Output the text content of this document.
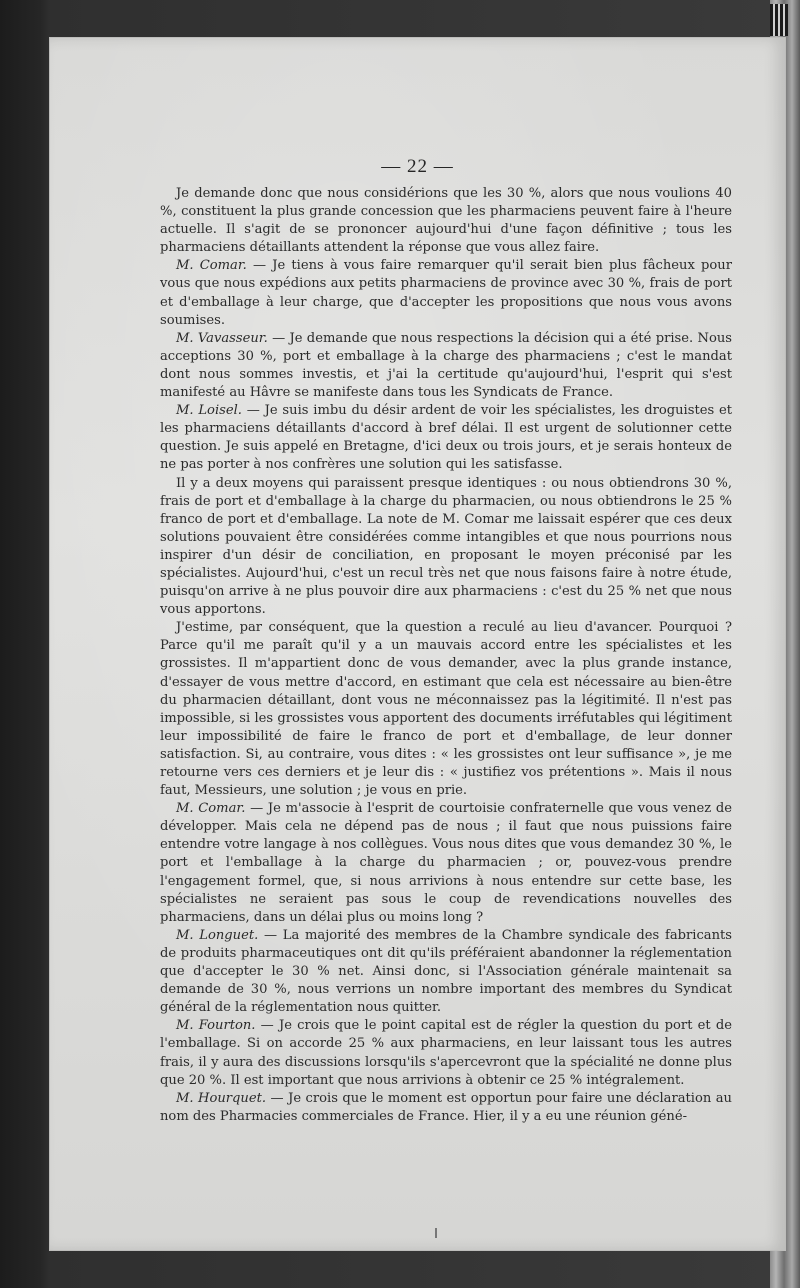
— 22 —

Je demande donc que nous considérions que les 30 %, alors que nous voulions 40 %, constituent la plus grande concession que les pharmaciens peuvent faire à l'heure actuelle. Il s'agit de se prononcer aujourd'hui d'une façon définitive ; tous les pharmaciens détaillants attendent la réponse que vous allez faire.

M. Comar. — Je tiens à vous faire remarquer qu'il serait bien plus fâcheux pour vous que nous expédions aux petits pharmaciens de province avec 30 %, frais de port et d'emballage à leur charge, que d'accepter les propositions que nous vous avons soumises.

M. Vavasseur. — Je demande que nous respections la décision qui a été prise. Nous acceptions 30 %, port et emballage à la charge des pharmaciens ; c'est le mandat dont nous sommes investis, et j'ai la certitude qu'aujourd'hui, l'esprit qui s'est manifesté au Hâvre se manifeste dans tous les Syndicats de France.

M. Loisel. — Je suis imbu du désir ardent de voir les spécialistes, les droguistes et les pharmaciens détaillants d'accord à bref délai. Il est urgent de solutionner cette question. Je suis appelé en Bretagne, d'ici deux ou trois jours, et je serais honteux de ne pas porter à nos confrères une solution qui les satisfasse.

Il y a deux moyens qui paraissent presque identiques : ou nous obtiendrons 30 %, frais de port et d'emballage à la charge du pharmacien, ou nous obtiendrons le 25 % franco de port et d'emballage. La note de M. Comar me laissait espérer que ces deux solutions pouvaient être considérées comme intangibles et que nous pourrions nous inspirer d'un désir de conciliation, en proposant le moyen préconisé par les spécialistes. Aujourd'hui, c'est un recul très net que nous faisons faire à notre étude, puisqu'on arrive à ne plus pouvoir dire aux pharmaciens : c'est du 25 % net que nous vous apportons.

J'estime, par conséquent, que la question a reculé au lieu d'avancer. Pourquoi ? Parce qu'il me paraît qu'il y a un mauvais accord entre les spécialistes et les grossistes. Il m'appartient donc de vous demander, avec la plus grande instance, d'essayer de vous mettre d'accord, en estimant que cela est nécessaire au bien-être du pharmacien détaillant, dont vous ne méconnaissez pas la légitimité. Il n'est pas impossible, si les grossistes vous apportent des documents irréfutables qui légitiment leur impossibilité de faire le franco de port et d'emballage, de leur donner satisfaction. Si, au contraire, vous dites : « les grossistes ont leur suffisance », je me retourne vers ces derniers et je leur dis : « justifiez vos prétentions ». Mais il nous faut, Messieurs, une solution ; je vous en prie.

M. Comar. — Je m'associe à l'esprit de courtoisie confraternelle que vous venez de développer. Mais cela ne dépend pas de nous ; il faut que nous puissions faire entendre votre langage à nos collègues. Vous nous dites que vous demandez 30 %, le port et l'emballage à la charge du pharmacien ; or, pouvez-vous prendre l'engagement formel, que, si nous arrivions à nous entendre sur cette base, les spécialistes ne seraient pas sous le coup de revendications nouvelles des pharmaciens, dans un délai plus ou moins long ?

M. Longuet. — La majorité des membres de la Chambre syndicale des fabricants de produits pharmaceutiques ont dit qu'ils préféraient abandonner la réglementation que d'accepter le 30 % net. Ainsi donc, si l'Association générale maintenait sa demande de 30 %, nous verrions un nombre important des membres du Syndicat général de la réglementation nous quitter.

M. Fourton. — Je crois que le point capital est de régler la question du port et de l'emballage. Si on accorde 25 % aux pharmaciens, en leur laissant tous les autres frais, il y aura des discussions lorsqu'ils s'apercevront que la spécialité ne donne plus que 20 %. Il est important que nous arrivions à obtenir ce 25 % intégralement.

M. Hourquet. — Je crois que le moment est opportun pour faire une déclaration au nom des Pharmacies commerciales de France. Hier, il y a eu une réunion géné-
